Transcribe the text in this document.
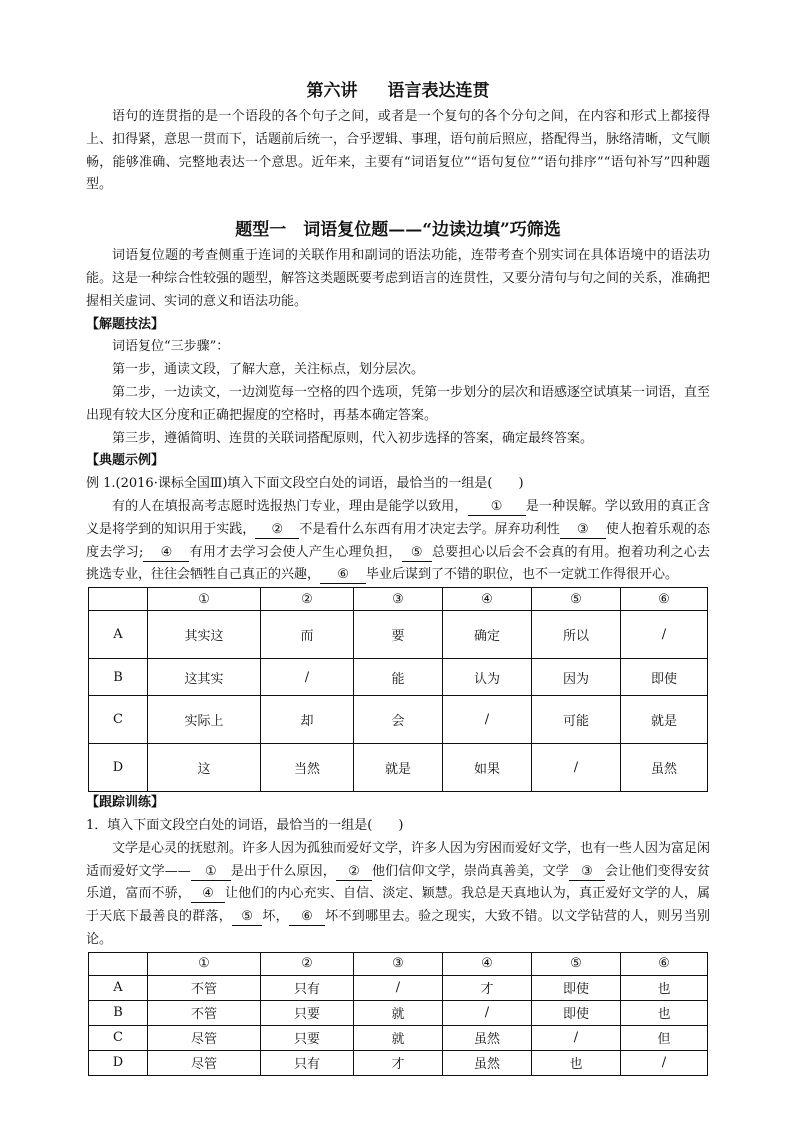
第六讲 语言表达连贯

语句的连贯指的是一个语段的各个句子之间，或者是一个复句的各个分句之间，在内容和形式上都接得上、扣得紧，意思一贯而下，话题前后统一，合乎逻辑、事理，语句前后照应，搭配得当，脉络清晰，文气顺畅，能够准确、完整地表达一个意思。近年来，主要有“词语复位”“语句复位”“语句排序”“语句补写”四种题型。

题型一　词语复位题——“边读边填”巧筛选

词语复位题的考查侧重于连词的关联作用和副词的语法功能，连带考查个别实词在具体语境中的语法功能。这是一种综合性较强的题型，解答这类题既要考虑到语言的连贯性，又要分清句与句之间的关系，准确把握相关虚词、实词的意义和语法功能。

【解题技法】

词语复位“三步骤”：

第一步，通读文段，了解大意，关注标点，划分层次。

第二步，一边读文，一边浏览每一空格的四个选项，凭第一步划分的层次和语感逐空试填某一词语，直至出现有较大区分度和正确把握度的空格时，再基本确定答案。

第三步，遵循简明、连贯的关联词搭配原则，代入初步选择的答案，确定最终答案。

【典题示例】

例 1.(2016·课标全国Ⅲ)填入下面文段空白处的词语，最恰当的一组是(　　)

有的人在填报高考志愿时选报热门专业，理由是能学以致用， ① 是一种误解。学以致用的真正含义是将学到的知识用于实践， ② 不是看什么东西有用才决定去学。屏弃功利性 ③ 使人抱着乐观的态度去学习; ④ 有用才去学习会使人产生心理负担， ⑤ 总要担心以后会不会真的有用。抱着功利之心去挑选专业，往往会牺牲自己真正的兴趣， ⑥ 毕业后谋到了不错的职位，也不一定就工作得很开心。

	①	②	③	④	⑤	⑥
A	其实这	而	要	确定	所以	/
B	这其实	/	能	认为	因为	即使
C	实际上	却	会	/	可能	就是
D	这	当然	就是	如果	/	虽然

【跟踪训练】

1．填入下面文段空白处的词语，最恰当的一组是(　　)

文学是心灵的抚慰剂。许多人因为孤独而爱好文学，许多人因为穷困而爱好文学，也有一些人因为富足闲适而爱好文学—— ① 是出于什么原因， ② 他们信仰文学，崇尚真善美，文学 ③ 会让他们变得安贫乐道，富而不骄， ④ 让他们的内心充实、自信、淡定、颖慧。我总是天真地认为，真正爱好文学的人，属于天底下最善良的群落， ⑤ 坏， ⑥ 坏不到哪里去。验之现实，大致不错。以文学钻营的人，则另当别论。

	①	②	③	④	⑤	⑥
A	不管	只有	/	才	即使	也
B	不管	只要	就	/	即使	也
C	尽管	只要	就	虽然	/	但
D	尽管	只有	才	虽然	也	/
